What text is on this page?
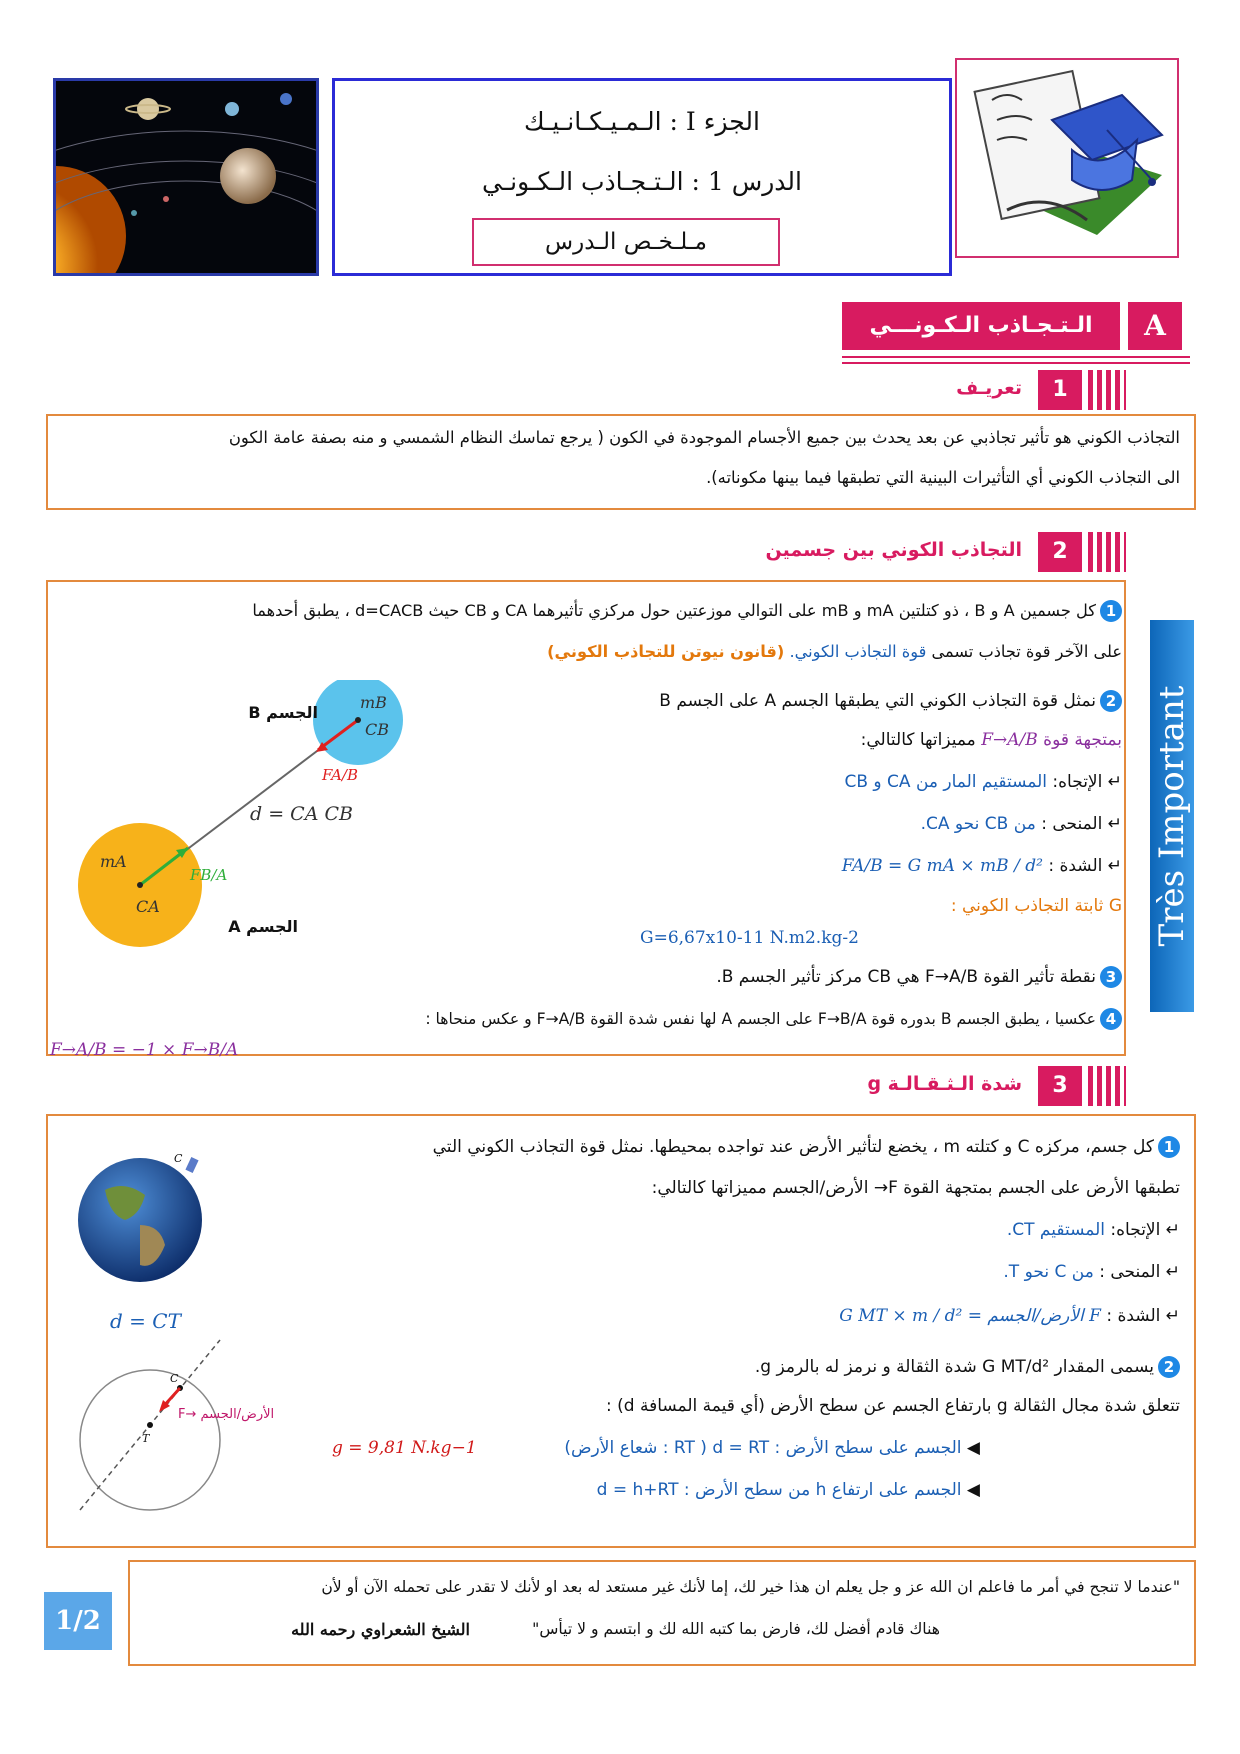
الجزء I : الـمـيـكـانـيـك
الدرس 1 : الـتـجـاذب الـكـونـي
مـلـخـص الـدرس
الـتـجـاذب الـكـونـــي	A
1
تعريـف
التجاذب الكوني هو تأثير تجاذبي عن بعد يحدث بين جميع الأجسام الموجودة في الكون ( يرجع تماسك النظام الشمسي و منه بصفة عامة الكون
الى التجاذب الكوني أي التأثيرات البينية التي تطبقها فيما بينها مكوناته).
2
التجاذب الكوني بين جسمين
1كل جسمين A و B ، ذو كتلتين mA و mB على التوالي موزعتين حول مركزي تأثيرهما CA و CB حيث d=CACB ، يطبق أحدهما
على الآخر قوة تجاذب تسمى قوة التجاذب الكوني. (قانون نيوتن للتجاذب الكوني)
mA
CA
mB
CB
FA/B
FB/A
d = CA CB
الجسم B
الجسم A
2نمثل قوة التجاذب الكوني التي يطبقها الجسم A على الجسم B
بمتجهة قوة F→A/B مميزاتها كالتالي:
↵ الإتجاه: المستقيم المار من CA و CB
↵ المنحى : من CB نحو CA.
↵ الشدة : FA/B = G mA × mB / d²
G ثابتة التجاذب الكوني :
G=6,67x10-11 N.m2.kg-2
3نقطة تأثير القوة F→A/B هي CB مركز تأثير الجسم B.
4عكسيا ، يطبق الجسم B بدوره قوة F→B/A على الجسم A لها نفس شدة القوة F→A/B و عكس منحاها :
F→A/B = −1 × F→B/A
Très Important
3
شدة الـثـقـالـة g
C
d = CT
T
C
F→ الأرض/الجسم
1كل جسم، مركزه C و كتلته m ، يخضع لتأثير الأرض عند تواجده بمحيطها. نمثل قوة التجاذب الكوني التي
تطبقها الأرض على الجسم بمتجهة القوة F→ الأرض/الجسم مميزاتها كالتالي:
↵ الإتجاه: المستقيم CT.
↵ المنحى : من C نحو T.
↵ الشدة : F الأرض/الجسم = G MT × m / d²
2يسمى المقدار G MT/d² شدة الثقالة و نرمز له بالرمز g.
تتعلق شدة مجال الثقالة g بارتفاع الجسم عن سطح الأرض (أي قيمة المسافة d) :
◀ الجسم على سطح الأرض : d = RT ( RT : شعاع الأرض)
g = 9,81 N.kg−1
◀ الجسم على ارتفاع h من سطح الأرض : d = h+RT
"عندما لا تنجح في أمر ما فاعلم ان الله عز و جل يعلم ان هذا خير لك، إما لأنك غير مستعد له بعد او لأنك لا تقدر على تحمله الآن أو لأن
هناك قادم أفضل لك، فارض بما كتبه الله لك و ابتسم و لا تيأس"
الشيخ الشعراوي رحمه الله
1/2
